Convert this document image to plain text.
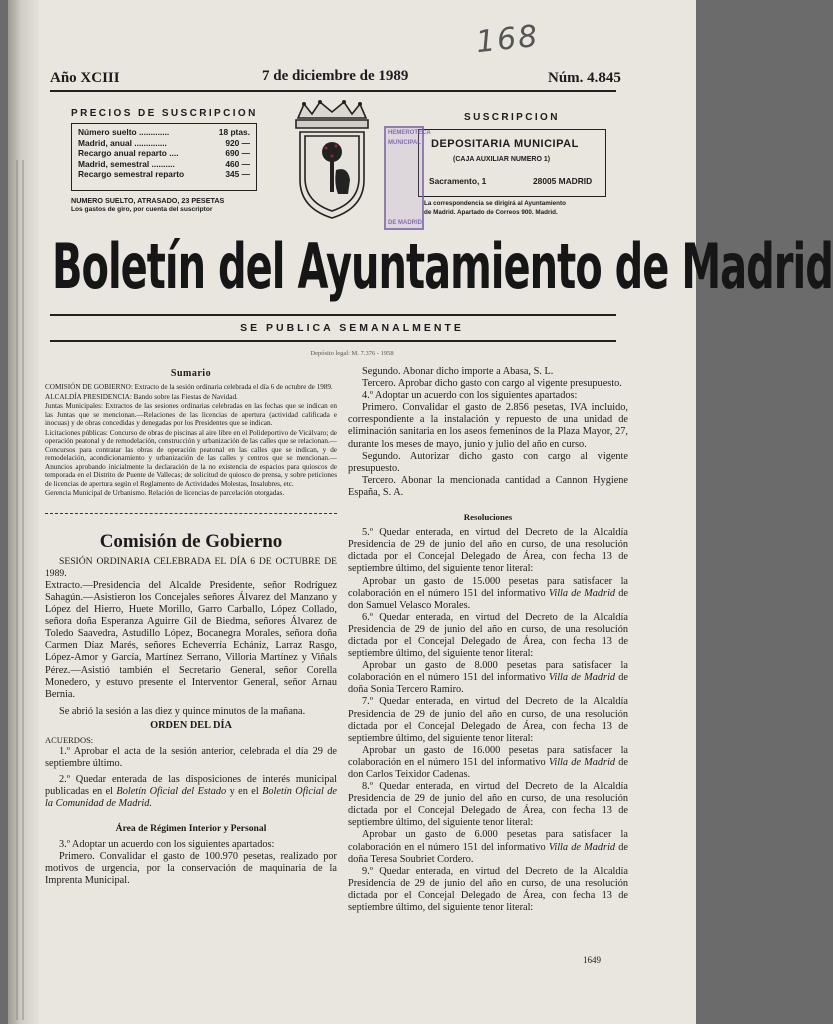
168
Año XCIII	7 de diciembre de 1989	Núm. 4.845
PRECIOS DE SUSCRIPCION
Número suelto .............	18 ptas.
Madrid, anual ..............	920 —
Recargo anual reparto ....	690 —
Madrid, semestral ..........	460 —
Recargo semestral reparto	345 —
NUMERO SUELTO, ATRASADO, 23 PESETAS
Los gastos de giro, por cuenta del suscriptor
SUSCRIPCION
DEPOSITARIA MUNICIPAL
(CAJA AUXILIAR NUMERO 1)
Sacramento, 1	28005 MADRID
La correspondencia se dirigirá al Ayuntamiento
de Madrid. Apartado de Correos 900. Madrid.
HEMEROTECA
MUNICIPAL
DE MADRID
Boletín del Ayuntamiento de Madrid
SE PUBLICA SEMANALMENTE
Depósito legal: M. 7.376 - 1958
Sumario
COMISIÓN DE GOBIERNO: Extracto de la sesión ordinaria celebrada el día 6 de octubre de 1989.
ALCALDÍA PRESIDENCIA: Bando sobre las Fiestas de Navidad.
Juntas Municipales: Extractos de las sesiones ordinarias celebradas en las fechas que se indican en las Juntas que se mencionan.—Relaciones de las licencias de apertura (actividad calificada e inocuas) y de obras concedidas y denegadas por los Presidentes que se indican.
Licitaciones públicas: Concurso de obras de piscinas al aire libre en el Polideportivo de Vicálvaro; de operación peatonal y de remodelación, construcción y urbanización de las calles que se relacionan.—Concursos para contratar las obras de operación peatonal en las calles que se indican, y de remodelación, acondicionamiento y urbanización de las calles y centros que se mencionan.—Anuncios aprobando inicialmente la declaración de la no existencia de espacios para quioscos de temporada en el Distrito de Puente de Vallecas; de solicitud de quiosco de prensa, y sobre peticiones de licencias de apertura según el Reglamento de Actividades Molestas, Insalubres, etc.
Gerencia Municipal de Urbanismo. Relación de licencias de parcelación otorgadas.
Comisión de Gobierno

SESIÓN ORDINARIA CELEBRADA EL DÍA 6 DE OCTUBRE DE 1989.

Extracto.—Presidencia del Alcalde Presidente, señor Rodríguez Sahagún.—Asistieron los Concejales señores Álvarez del Manzano y López del Hierro, Huete Morillo, Garro Carballo, López Collado, señora doña Esperanza Aguirre Gil de Biedma, señores Álvarez de Toledo Saavedra, Astudillo López, Bocanegra Morales, señora doña Carmen Díaz Marés, señores Echeverría Echániz, Larraz Rasgo, López-Amor y García, Martínez Serrano, Villoria Martínez y Viñals Pérez.—Asistió también el Secretario General, señor Corella Monedero, y estuvo presente el Interventor General, señor Arnau Bernia.

Se abrió la sesión a las diez y quince minutos de la mañana.

ORDEN DEL DÍA

ACUERDOS:

1.º Aprobar el acta de la sesión anterior, celebrada el día 29 de septiembre último.

2.º Quedar enterada de las disposiciones de interés municipal publicadas en el Boletín Oficial del Estado y en el Boletín Oficial de la Comunidad de Madrid.

Área de Régimen Interior y Personal

3.º Adoptar un acuerdo con los siguientes apartados:

Primero. Convalidar el gasto de 100.970 pesetas, realizado por motivos de urgencia, por la conservación de maquinaria de la Imprenta Municipal.

Segundo. Abonar dicho importe a Abasa, S. L.

Tercero. Aprobar dicho gasto con cargo al vigente presupuesto.

4.º Adoptar un acuerdo con los siguientes apartados:

Primero. Convalidar el gasto de 2.856 pesetas, IVA incluido, correspondiente a la instalación y repuesto de una unidad de eliminación sanitaria en los aseos femeninos de la Plaza Mayor, 27, durante los meses de mayo, junio y julio del año en curso.

Segundo. Autorizar dicho gasto con cargo al vigente presupuesto.

Tercero. Abonar la mencionada cantidad a Cannon Hygiene España, S. A.

Resoluciones

5.º Quedar enterada, en virtud del Decreto de la Alcaldía Presidencia de 29 de junio del año en curso, de una resolución dictada por el Concejal Delegado de Área, con fecha 13 de septiembre último, del siguiente tenor literal:

Aprobar un gasto de 15.000 pesetas para satisfacer la colaboración en el número 151 del informativo Villa de Madrid de don Samuel Velasco Morales.

6.º Quedar enterada, en virtud del Decreto de la Alcaldía Presidencia de 29 de junio del año en curso, de una resolución dictada por el Concejal Delegado de Área, con fecha 13 de septiembre último, del siguiente tenor literal:

Aprobar un gasto de 8.000 pesetas para satisfacer la colaboración en el número 151 del informativo Villa de Madrid de doña Sonia Tercero Ramiro.

7.º Quedar enterada, en virtud del Decreto de la Alcaldía Presidencia de 29 de junio del año en curso, de una resolución dictada por el Concejal Delegado de Área, con fecha 13 de septiembre último, del siguiente tenor literal:

Aprobar un gasto de 16.000 pesetas para satisfacer la colaboración en el número 151 del informativo Villa de Madrid de don Carlos Teixidor Cadenas.

8.º Quedar enterada, en virtud del Decreto de la Alcaldía Presidencia de 29 de junio del año en curso, de una resolución dictada por el Concejal Delegado de Área, con fecha 13 de septiembre último, del siguiente tenor literal:

Aprobar un gasto de 6.000 pesetas para satisfacer la colaboración en el número 151 del informativo Villa de Madrid de doña Teresa Soubriet Cordero.

9.º Quedar enterada, en virtud del Decreto de la Alcaldía Presidencia de 29 de junio del año en curso, de una resolución dictada por el Concejal Delegado de Área, con fecha 13 de septiembre último, del siguiente tenor literal:

1649
